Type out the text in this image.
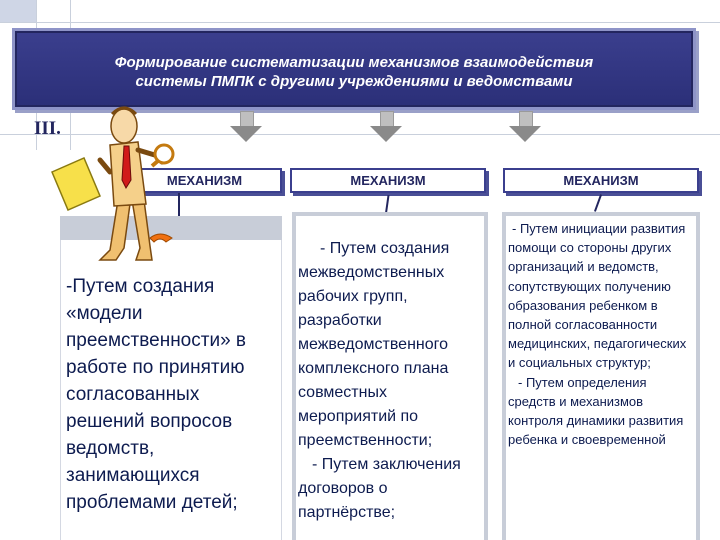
Формирование систематизации механизмов взаимодействия
системы ПМПК с другими учреждениями и ведомствами
III.
МЕХАНИЗМ	МЕХАНИЗМ	МЕХАНИЗМ

-Путем создания «модели преемственности» в работе по принятию согласованных решений вопросов ведомств, занимающихся проблемами детей;

- Путем создания межведомственных рабочих групп, разработки межведомственного комплексного плана совместных мероприятий по преемственности;

- Путем заключения договоров о партнёрстве;

- Путем инициации развития помощи со стороны других организаций и ведомств, сопутствующих получению образования ребенком в полной согласованности медицинских, педагогических и социальных структур;

- Путем определения средств и механизмов контроля динамики развития ребенка и своевременной
